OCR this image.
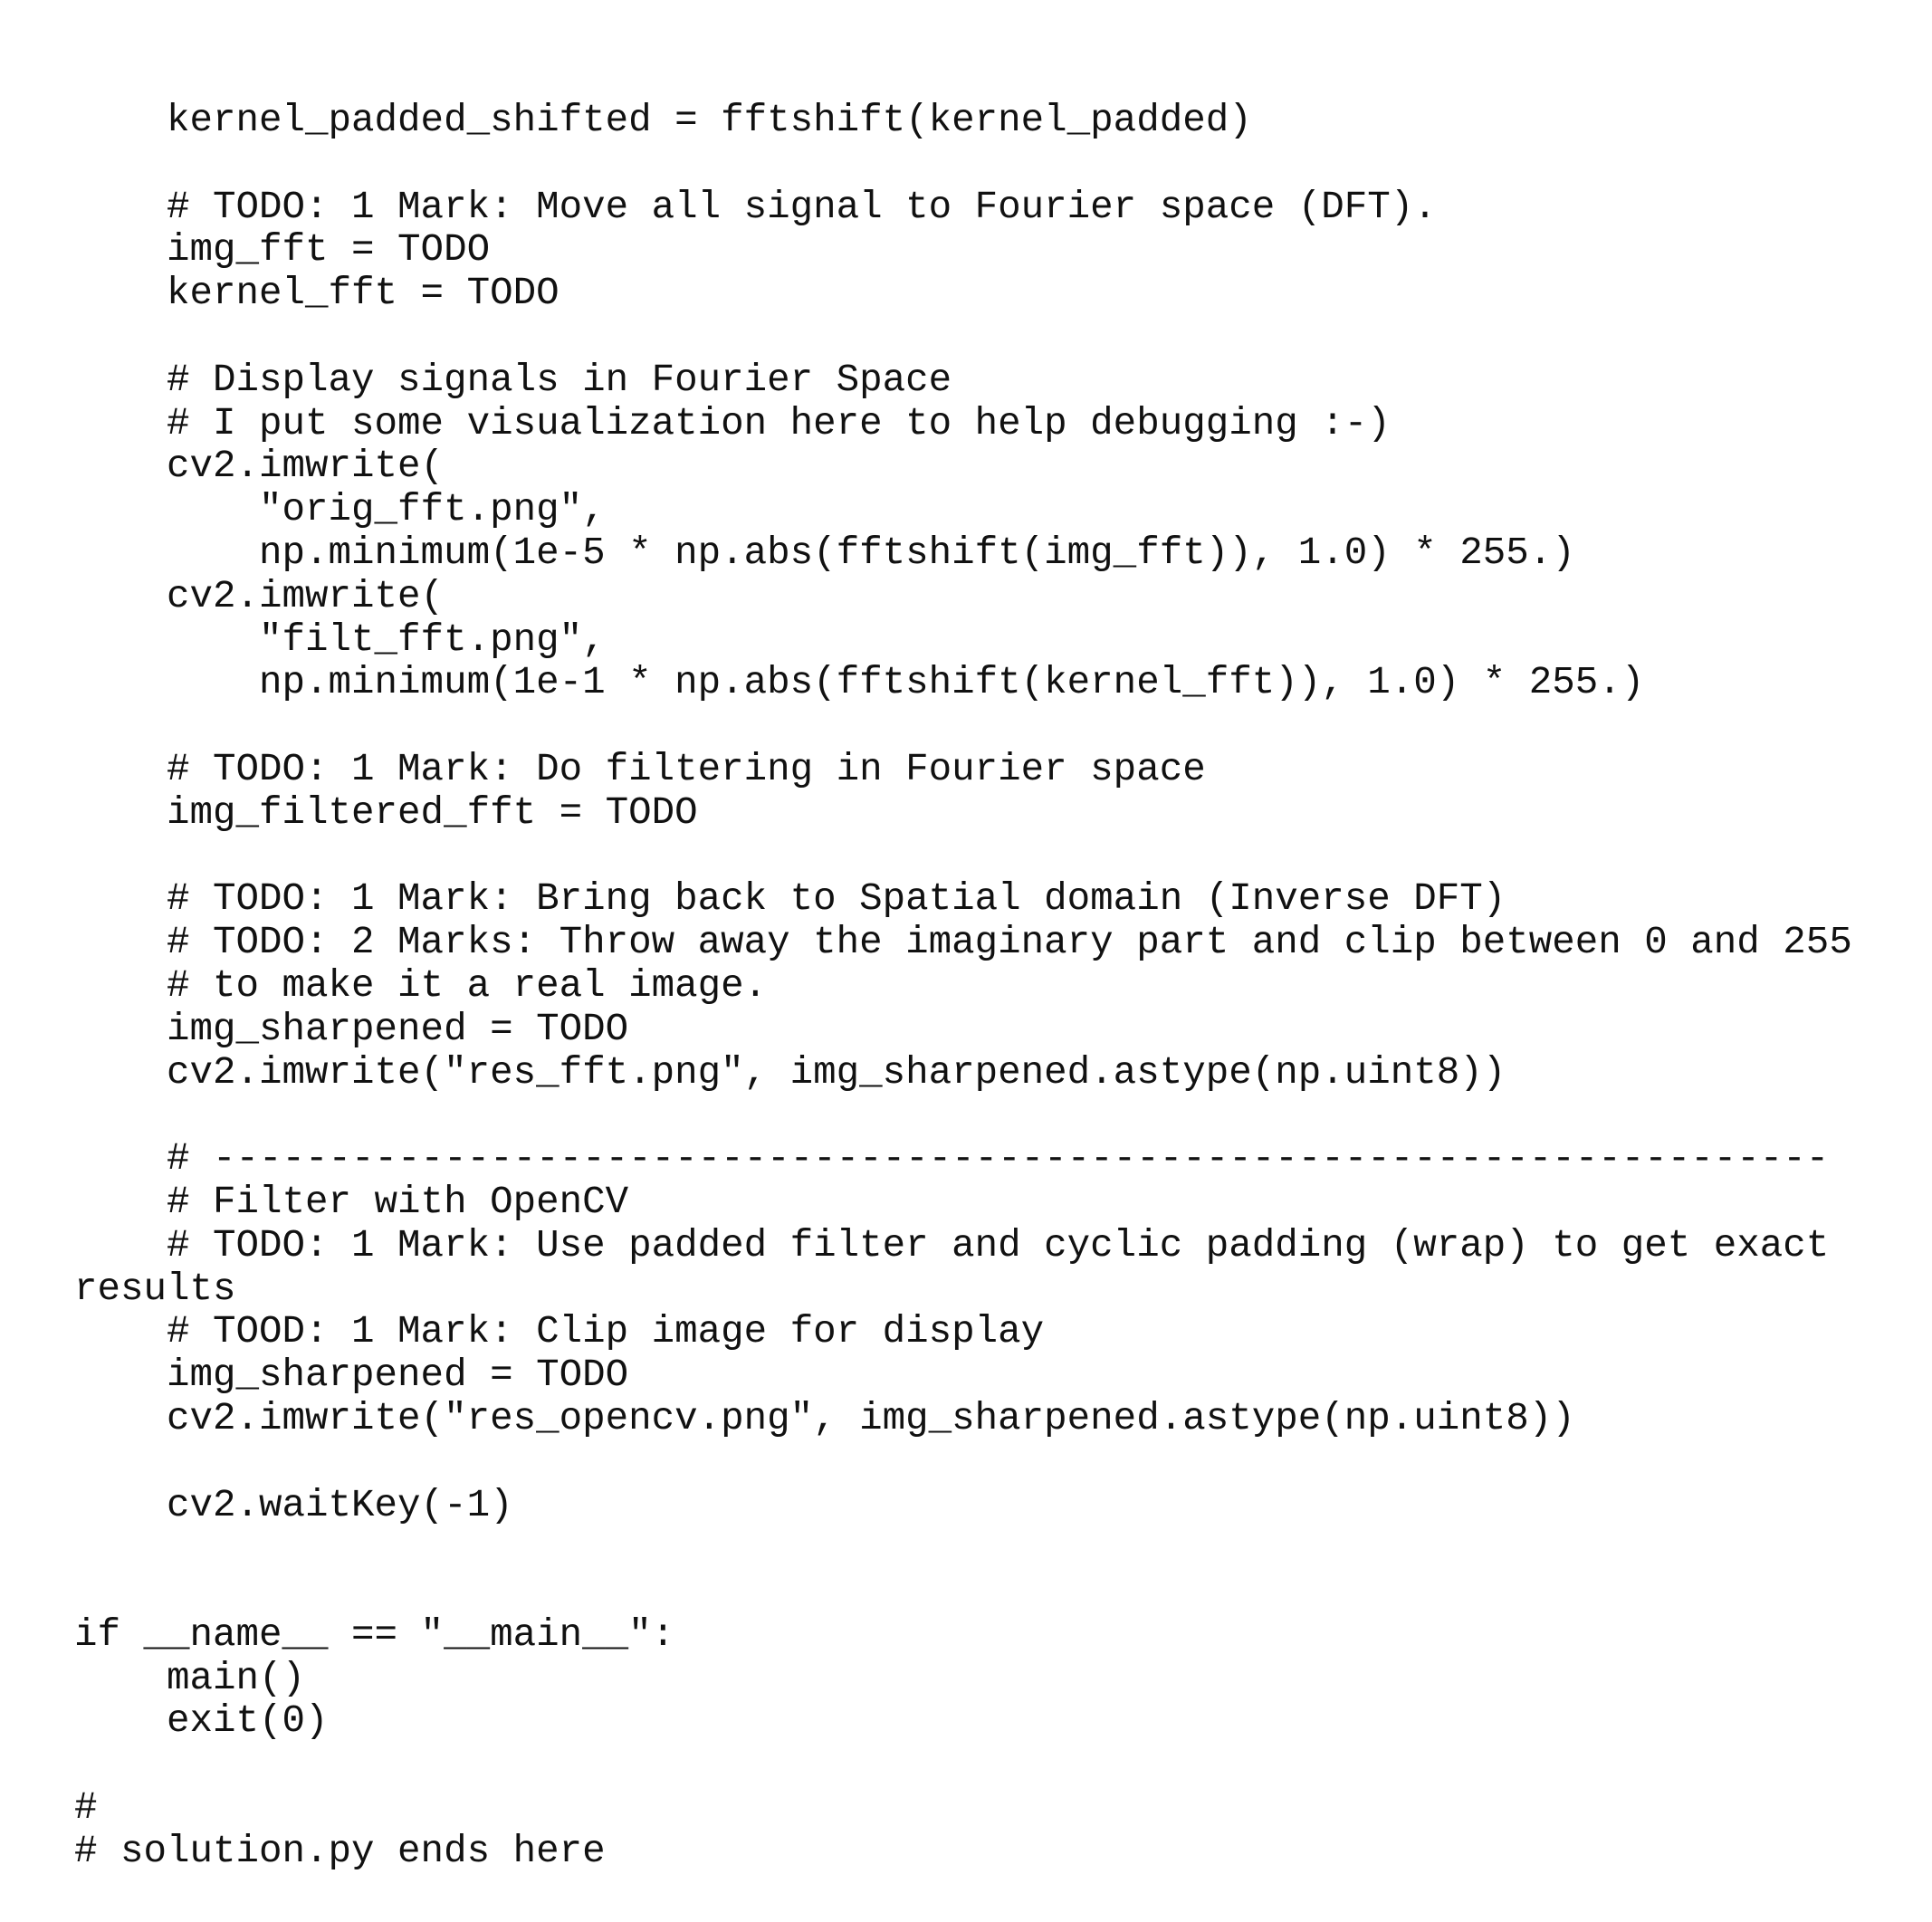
kernel_padded_shifted = fftshift(kernel_padded)
# TODO: 1 Mark: Move all signal to Fourier space (DFT).
img_fft = TODO
kernel_fft = TODO
# Display signals in Fourier Space
# I put some visualization here to help debugging :-)
cv2.imwrite(
"orig_fft.png",
np.minimum(1e-5 * np.abs(fftshift(img_fft)), 1.0) * 255.)
cv2.imwrite(
"filt_fft.png",
np.minimum(1e-1 * np.abs(fftshift(kernel_fft)), 1.0) * 255.)
# TODO: 1 Mark: Do filtering in Fourier space
img_filtered_fft = TODO
# TODO: 1 Mark: Bring back to Spatial domain (Inverse DFT)
# TODO: 2 Marks: Throw away the imaginary part and clip between 0 and 255
# to make it a real image.
img_sharpened = TODO
cv2.imwrite("res_fft.png", img_sharpened.astype(np.uint8))
# ----------------------------------------------------------------------
# Filter with OpenCV
# TODO: 1 Mark: Use padded filter and cyclic padding (wrap) to get exact
results
# TOOD: 1 Mark: Clip image for display
img_sharpened = TODO
cv2.imwrite("res_opencv.png", img_sharpened.astype(np.uint8))
cv2.waitKey(-1)
if __name__ == "__main__":
main()
exit(0)
#
# solution.py ends here
